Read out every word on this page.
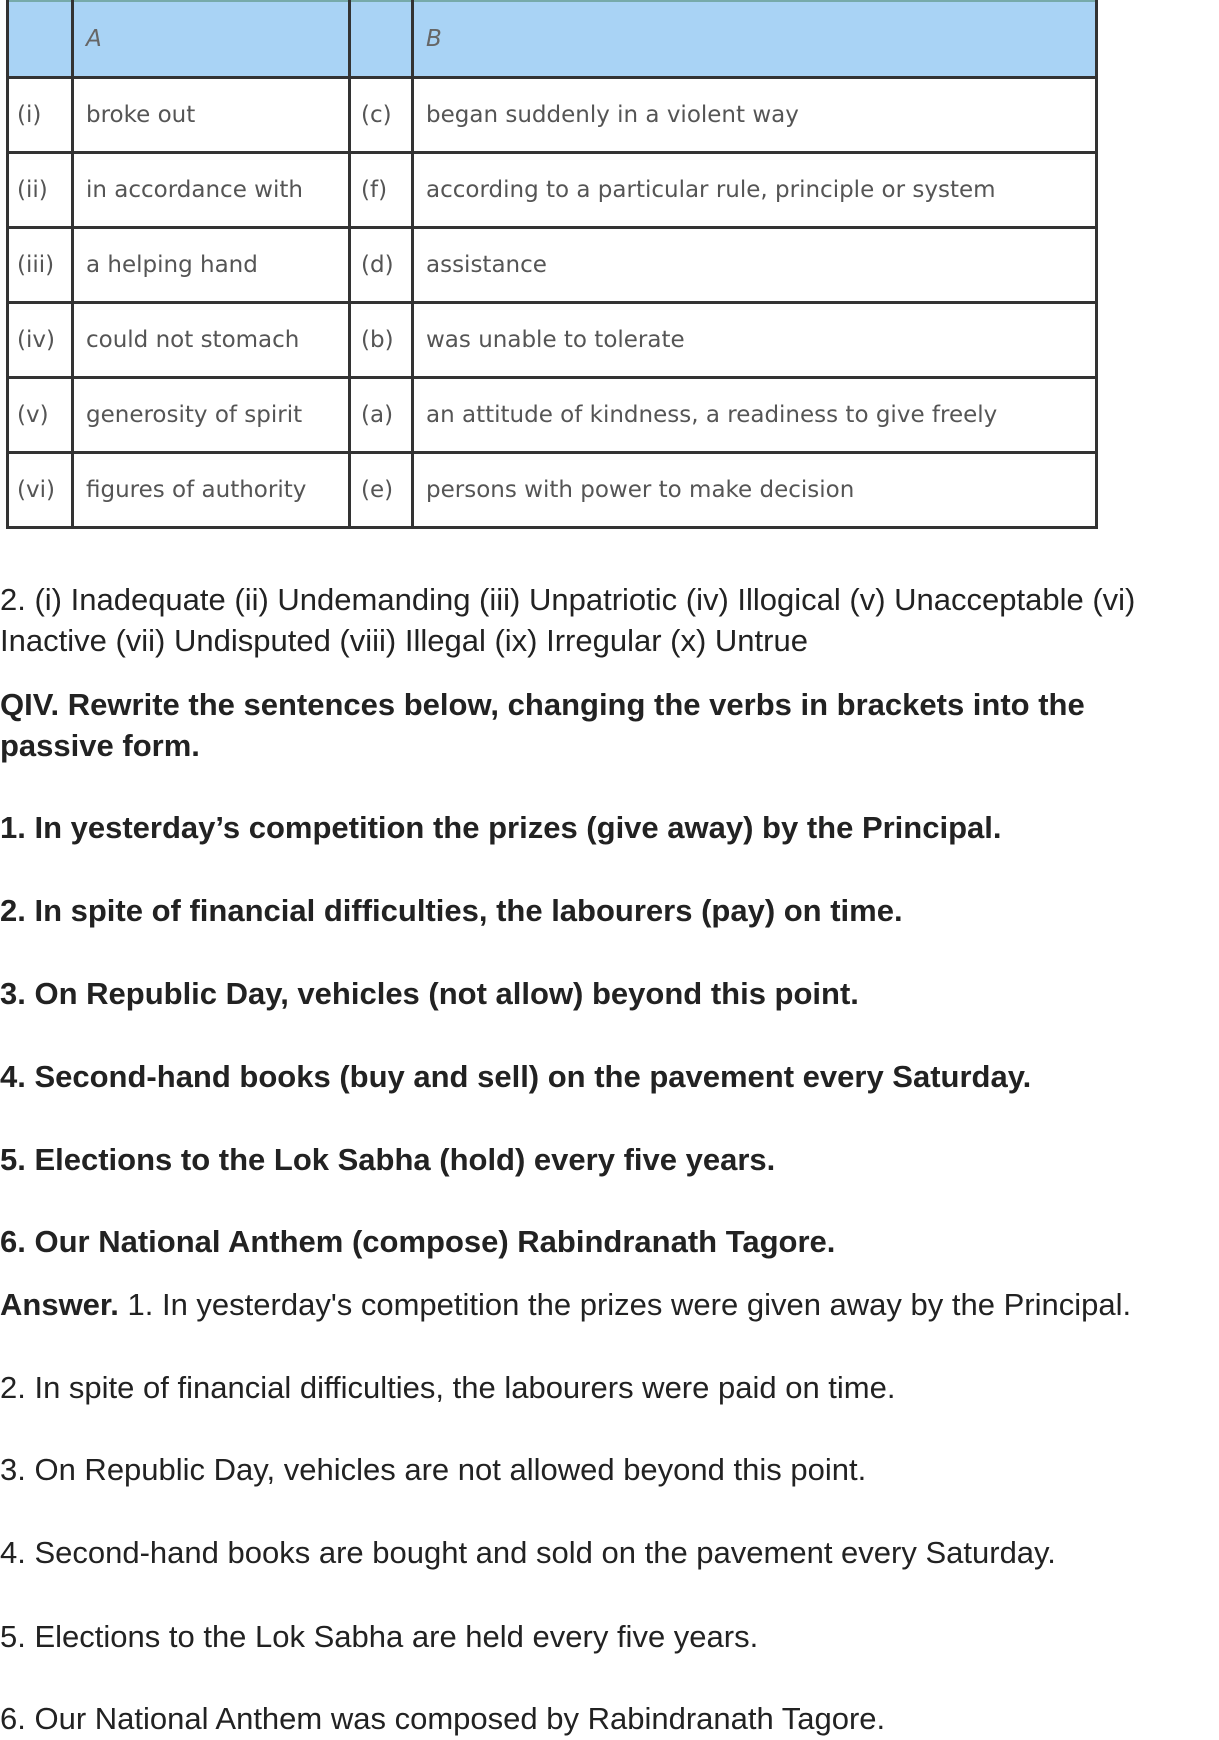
	A		B
(i)	broke out	(c)	began suddenly in a violent way
(ii)	in accordance with	(f)	according to a particular rule, principle or system
(iii)	a helping hand	(d)	assistance
(iv)	could not stomach	(b)	was unable to tolerate
(v)	generosity of spirit	(a)	an attitude of kindness, a readiness to give freely
(vi)	figures of authority	(e)	persons with power to make decision
2. (i) Inadequate (ii) Undemanding (iii) Unpatriotic (iv) Illogical (v) Unacceptable (vi)
Inactive (vii) Undisputed (viii) Illegal (ix) Irregular (x) Untrue
QIV. Rewrite the sentences below, changing the verbs in brackets into the
passive form.
1. In yesterday’s competition the prizes (give away) by the Principal.
2. In spite of financial difficulties, the labourers (pay) on time.
3. On Republic Day, vehicles (not allow) beyond this point.
4. Second-hand books (buy and sell) on the pavement every Saturday.
5. Elections to the Lok Sabha (hold) every five years.
6. Our National Anthem (compose) Rabindranath Tagore.
Answer. 1. In yesterday's competition the prizes were given away by the Principal.
2. In spite of financial difficulties, the labourers were paid on time.
3. On Republic Day, vehicles are not allowed beyond this point.
4. Second-hand books are bought and sold on the pavement every Saturday.
5. Elections to the Lok Sabha are held every five years.
6. Our National Anthem was composed by Rabindranath Tagore.
